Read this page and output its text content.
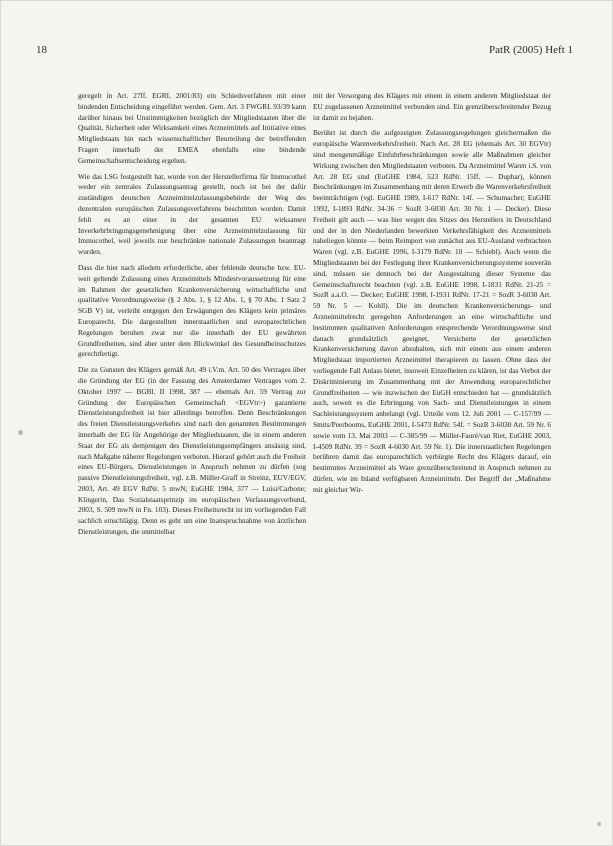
18	PatR (2005) Heft 1

geregelt in Art. 27ff. EGRL 2001/83) ein Schiedsverfahren mit einer bindenden Entscheidung eingeführt werden. Gem. Art. 3 FWGRL 93/39 kann darüber hinaus bei Unstimmigkeiten bezüglich der Mitgliedstaaten über die Qualität, Sicherheit oder Wirksamkeit eines Arzneimittels auf Initiative eines Mitgliedstaats hin nach wissenschaftlicher Beurteilung der betreffenden Fragen innerhalb der EMEA ebenfalls eine bindende Gemeinschaftsentscheidung ergehen.

Wie das LSG festgestellt hat, wurde von der Herstellerfirma für Immucothel weder ein zentrales Zulassungsantrag gestellt, noch ist bei der dafür zuständigen deutschen Arzneimittelzulassungsbehörde der Weg des dezentralen europäischen Zulassungsverfahrens beschritten worden. Damit fehlt es an einer in der gesamten EU wirksamen Inverkehrbringungsgenehmigung über eine Arzneimittelzulassung für Immucothel, weil jeweils nur beschränkte nationale Zulassungen beantragt wurden.

Dass die hier nach alledem erforderliche, aber fehlende deutsche bzw. EU-weit geltende Zulassung eines Arzneimittels Mindestvoraussetzung für eine im Rahmen der gesetzlichen Krankenversicherung wirtschaftliche und qualitative Verordnungsweise (§ 2 Abs. 1, § 12 Abs. 1, § 70 Abs. 1 Satz 2 SGB V) ist, verleiht entgegen den Erwägungen des Klägers kein primäres Europarecht. Die dargestellten innerstaatlichen und europarechtlichen Regelungen beruhen zwar nur die innerhalb der EU gewährten Grundfreiheiten, sind aber unter dem Blickwinkel des Gesundheitsschutzes gerechtfertigt.

Die zu Gunsten des Klägers gemäß Art. 49 i.V.m. Art. 50 des Vertrages über die Gründung der EG (in der Fassung des Amsterdamer Vertrages vom 2. Oktober 1997 — BGBl. II 1998, 387 — ehemals Art. 59 Vertrag zur Gründung der Europäischen Gemeinschaft <EGVtr>) garantierte Dienstleistungsfreiheit ist hier allerdings betroffen. Denn Beschränkungen des freien Dienstleistungsverkehrs sind nach den genannten Bestimmungen innerhalb der EG für Angehörige der Mitgliedstaaten, die in einem anderen Staat der EG als demjenigen des Dienstleistungsempfängers ansässig sind, nach Maßgabe näherer Regelungen verboten. Hierauf gehört auch die Freiheit eines EU-Bürgers, Dienstleistungen in Anspruch nehmen zu dürfen (sog passive Dienstleistungsfreiheit, vgl. z.B. Müller-Graff in Streinz, EUV/EGV, 2003, Art. 49 EGV RdNr. 5 mwN; EuGHE 1984, 377 — Luisi/Carbone; Klingerin, Das Sozialstaatsprinzip im europäischen Verfassungsverbund, 2003, S. 509 mwN in Fn. 103). Dieses Freiheitsrecht ist im vorliegenden Fall sachlich einschlägig. Denn es geht um eine Inanspruchnahme von ärztlichen Dienstleistungen, die unmittelbar

mit der Versorgung des Klägers mit einem in einem anderen Mitgliedstaat der EU zugelassenen Arzneimittel verbunden sind. Ein grenzüberschreitender Bezug ist damit zu bejahen.

Berührt ist durch die aufgezeigten Zulassungsregelungen gleichermaßen die europäische Warenverkehrsfreiheit. Nach Art. 28 EG (ehemals Art. 30 EGVtr) sind mengenmäßige Einfuhrbeschränkungen sowie alle Maßnahmen gleicher Wirkung zwischen den Mitgliedstaaten verboten. Da Arzneimittel Waren i.S. von Art. 28 EG sind (EuGHE 1984, 523 RdNr. 15ff. — Duphar), können Beschränkungen im Zusammenhang mit deren Erwerb die Warenverkehrsfreiheit beeinträchtigen (vgl. EuGHE 1989, I-617 RdNr. 14f. — Schumacher; EuGHE 1992, I-1893 RdNr. 34-36 = SozR 3-6030 Art. 30 Nr. 1 — Decker). Diese Freiheit gilt auch — was hier wegen des Sitzes des Herstellers in Deutschland und der in den Niederlanden bewerkten Verkehrsfähigkeit des Arzneimittels naheliegen könnte — beim Reimport von zunächst aus EU-Ausland verbrachten Waren (vgl. z.B. EuGHE 1996, I-3179 RdNr. 10 — Schiebl). Auch wenn die Mitgliedstaaten bei der Festlegung ihrer Krankenversicherungssysteme souverän sind, müssen sie dennoch bei der Ausgestaltung dieser Systeme das Gemeinschaftsrecht beachten (vgl. z.B. EuGHE 1998, I-1831 RdNr. 21-25 = SozR a.a.O. — Decker; EuGHE 1998, I-1931 RdNr. 17-21 = SozR 3-6030 Art. 59 Nr. 5 — Kohll). Die im deutschen Krankenversicherungs- und Arzneimittelrecht geregelten Anforderungen an eine wirtschaftliche und bestimmten qualitativen Anforderungen entsprechende Verordnungsweise sind danach grundsätzlich geeignet, Versicherte der gesetzlichen Krankenversicherung davon abzuhalten, sich mit einem aus einem anderen Mitgliedstaat importierten Arzneimittel therapieren zu lassen. Ohne dass der vorliegende Fall Anlass bietet, insoweit Einzelheiten zu klären, ist das Verbot der Diskriminierung im Zusammenhang mit der Anwendung europarechtlicher Grundfreiheiten — wie inzwischen der EuGH entschieden hat — grundsätzlich auch, soweit es die Erbringung von Sach- und Dienstleistungen in einem Sachleistungssystem anbelangt (vgl. Urteile vom 12. Juli 2001 — C-157/99 — Smits/Peerbooms, EuGHE 2001, I-5473 RdNr. 54f. = SozR 3-6030 Art. 59 Nr. 6 sowie vom 13. Mai 2003 — C-385/99 — Müller-Fauré/van Riet, EuGHE 2003, I-4509 RdNr. 39 = SozR 4-6030 Art. 59 Nr. 1). Die innerstaatlichen Regelungen berühren damit das europarechtlich verbürgte Recht des Klägers darauf, ein bestimmtes Arzneimittel als Ware grenzüberschreitend in Anspruch nehmen zu dürfen, wie im Inland verfügbaren Arzneimitteln. Der Begriff der „Maßnahme mit gleicher Wir-
